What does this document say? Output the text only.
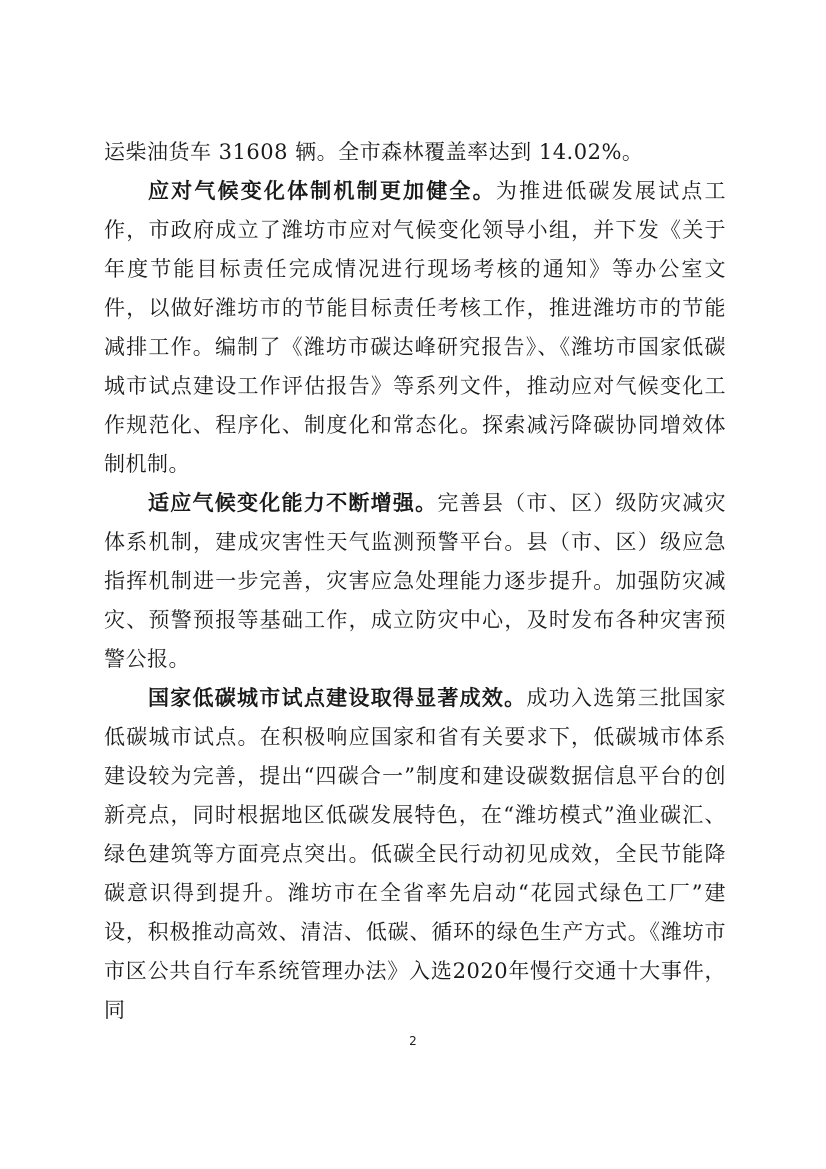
运柴油货车 31608 辆。全市森林覆盖率达到 14.02%。

应对气候变化体制机制更加健全。为推进低碳发展试点工作，市政府成立了潍坊市应对气候变化领导小组，并下发《关于年度节能目标责任完成情况进行现场考核的通知》等办公室文件，以做好潍坊市的节能目标责任考核工作，推进潍坊市的节能减排工作。编制了《潍坊市碳达峰研究报告》、《潍坊市国家低碳城市试点建设工作评估报告》等系列文件，推动应对气候变化工作规范化、程序化、制度化和常态化。探索减污降碳协同增效体制机制。

适应气候变化能力不断增强。完善县（市、区）级防灾减灾体系机制，建成灾害性天气监测预警平台。县（市、区）级应急指挥机制进一步完善，灾害应急处理能力逐步提升。加强防灾减灾、预警预报等基础工作，成立防灾中心，及时发布各种灾害预警公报。

国家低碳城市试点建设取得显著成效。成功入选第三批国家低碳城市试点。在积极响应国家和省有关要求下，低碳城市体系建设较为完善，提出“四碳合一”制度和建设碳数据信息平台的创新亮点，同时根据地区低碳发展特色，在“潍坊模式”渔业碳汇、绿色建筑等方面亮点突出。低碳全民行动初见成效，全民节能降碳意识得到提升。潍坊市在全省率先启动“花园式绿色工厂”建设，积极推动高效、清洁、低碳、循环的绿色生产方式。《潍坊市市区公共自行车系统管理办法》入选2020年慢行交通十大事件，同

2
